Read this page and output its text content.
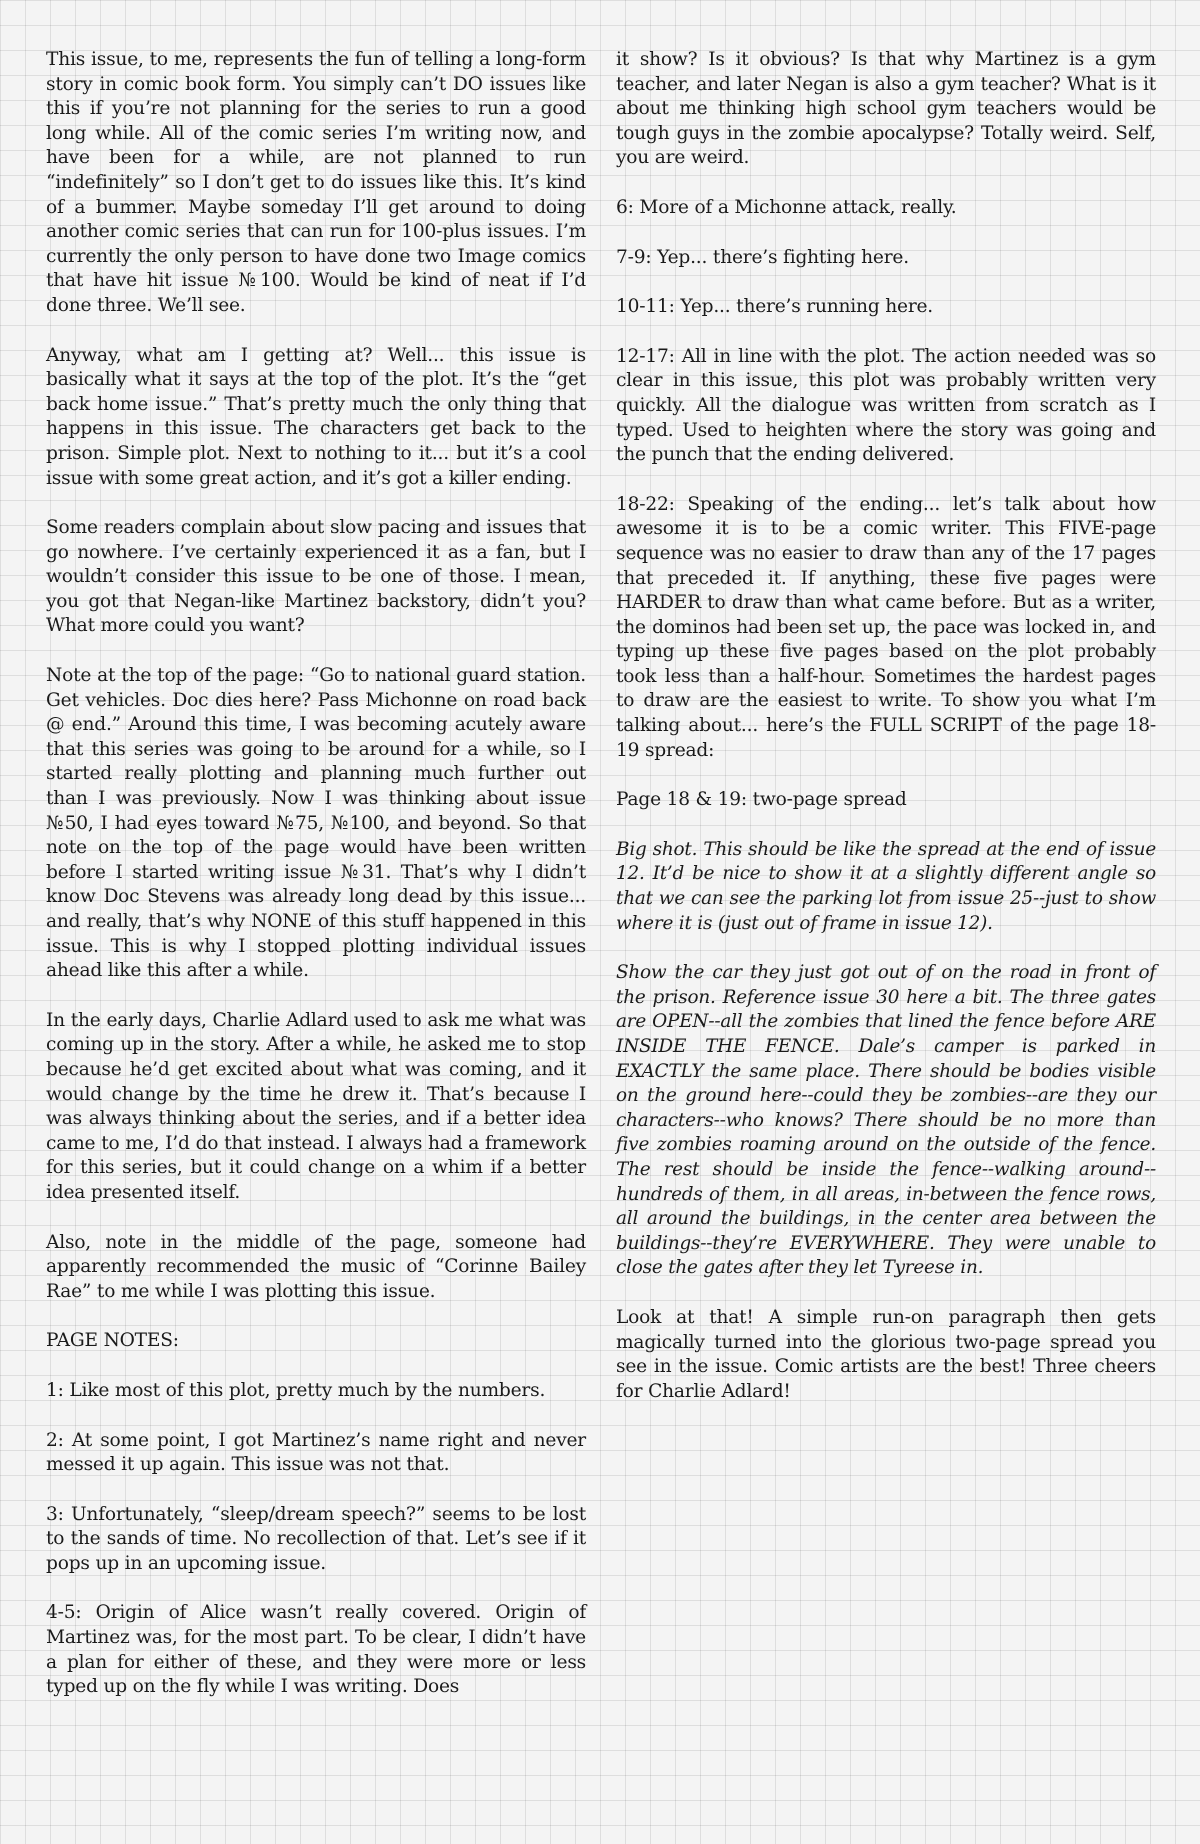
This issue, to me, represents the fun of telling a long-form story in comic book form. You simply can’t DO issues like this if you’re not planning for the series to run a good long while. All of the comic series I’m writing now, and have been for a while, are not planned to run “indefinitely” so I don’t get to do issues like this. It’s kind of a bummer. Maybe someday I’ll get around to doing another comic series that can run for 100-plus issues. I’m currently the only person to have done two Image comics that have hit issue №100. Would be kind of neat if I’d done three. We’ll see.

Anyway, what am I getting at? Well... this issue is basically what it says at the top of the plot. It’s the “get back home issue.” That’s pretty much the only thing that happens in this issue. The characters get back to the prison. Simple plot. Next to nothing to it... but it’s a cool issue with some great action, and it’s got a killer ending.

Some readers complain about slow pacing and issues that go nowhere. I’ve certainly experienced it as a fan, but I wouldn’t consider this issue to be one of those. I mean, you got that Negan-like Martinez backstory, didn’t you? What more could you want?

Note at the top of the page: “Go to national guard station. Get vehicles. Doc dies here? Pass Michonne on road back @ end.” Around this time, I was becoming acutely aware that this series was going to be around for a while, so I started really plotting and planning much further out than I was previously. Now I was thinking about issue №50, I had eyes toward №75, №100, and beyond. So that note on the top of the page would have been written before I started writing issue №31. That’s why I didn’t know Doc Stevens was already long dead by this issue... and really, that’s why NONE of this stuff happened in this issue. This is why I stopped plotting individual issues ahead like this after a while.

In the early days, Charlie Adlard used to ask me what was coming up in the story. After a while, he asked me to stop because he’d get excited about what was coming, and it would change by the time he drew it. That’s because I was always thinking about the series, and if a better idea came to me, I’d do that instead. I always had a framework for this series, but it could change on a whim if a better idea presented itself.

Also, note in the middle of the page, someone had apparently recommended the music of “Corinne Bailey Rae” to me while I was plotting this issue.

PAGE NOTES:

1: Like most of this plot, pretty much by the numbers.

2: At some point, I got Martinez’s name right and never messed it up again. This issue was not that.

3: Unfortunately, “sleep/dream speech?” seems to be lost to the sands of time. No recollection of that. Let’s see if it pops up in an upcoming issue.

4-5: Origin of Alice wasn’t really covered. Origin of Martinez was, for the most part. To be clear, I didn’t have a plan for either of these, and they were more or less typed up on the fly while I was writing. Does

it show? Is it obvious? Is that why Martinez is a gym teacher, and later Negan is also a gym teacher? What is it about me thinking high school gym teachers would be tough guys in the zombie apocalypse? Totally weird. Self, you are weird.

6: More of a Michonne attack, really.

7-9: Yep... there’s fighting here.

10-11: Yep... there’s running here.

12-17: All in line with the plot. The action needed was so clear in this issue, this plot was probably written very quickly. All the dialogue was written from scratch as I typed. Used to heighten where the story was going and the punch that the ending delivered.

18-22: Speaking of the ending... let’s talk about how awesome it is to be a comic writer. This FIVE-page sequence was no easier to draw than any of the 17 pages that preceded it. If anything, these five pages were HARDER to draw than what came before. But as a writer, the dominos had been set up, the pace was locked in, and typing up these five pages based on the plot probably took less than a half-hour. Sometimes the hardest pages to draw are the easiest to write. To show you what I’m talking about... here’s the FULL SCRIPT of the page 18-19 spread:

Page 18 & 19: two-page spread

Big shot. This should be like the spread at the end of issue 12. It’d be nice to show it at a slightly different angle so that we can see the parking lot from issue 25--just to show where it is (just out of frame in issue 12).

Show the car they just got out of on the road in front of the prison. Reference issue 30 here a bit. The three gates are OPEN--all the zombies that lined the fence before ARE INSIDE THE FENCE. Dale’s camper is parked in EXACTLY the same place. There should be bodies visible on the ground here--could they be zombies--are they our characters--who knows? There should be no more than five zombies roaming around on the outside of the fence. The rest should be inside the fence--walking around--hundreds of them, in all areas, in-between the fence rows, all around the buildings, in the center area between the buildings--they’re EVERYWHERE. They were unable to close the gates after they let Tyreese in.

Look at that! A simple run-on paragraph then gets magically turned into the glorious two-page spread you see in the issue. Comic artists are the best! Three cheers for Charlie Adlard!
